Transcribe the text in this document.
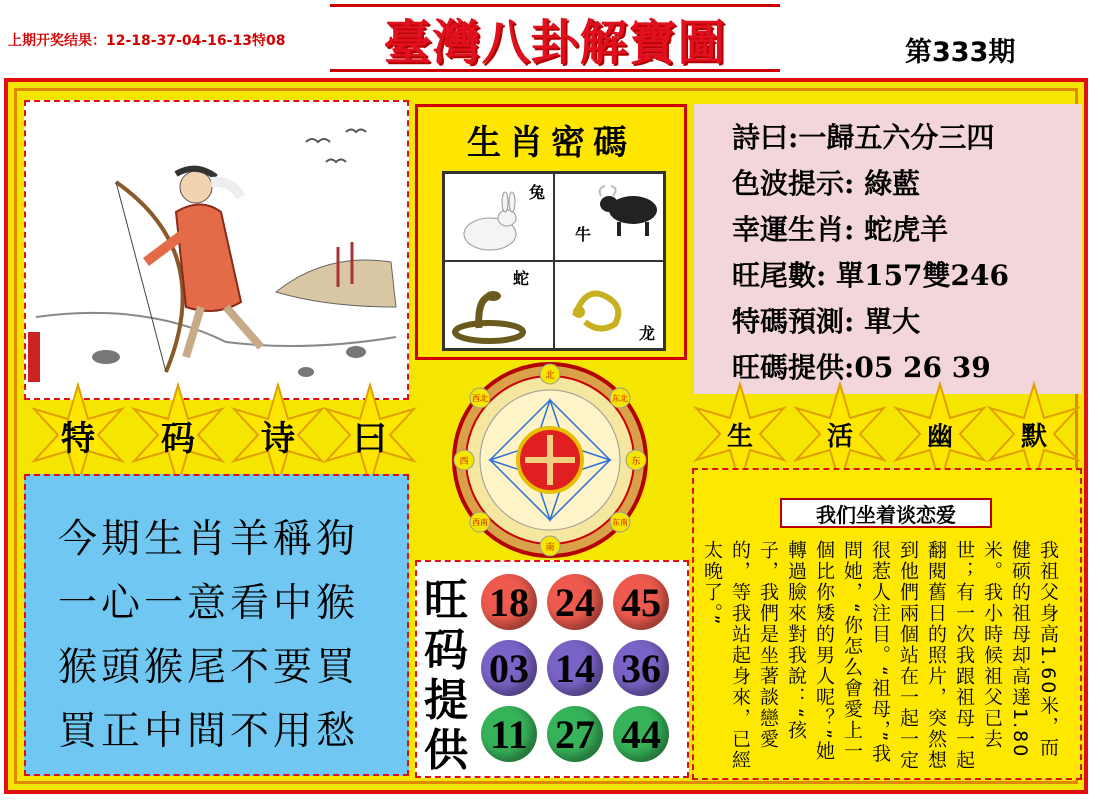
上期开奖结果：12-18-37-04-16-13特08	臺灣八卦解寶圖	第333期
生肖密碼
兔
牛
蛇
龙
詩曰:一歸五六分三四
色波提示: 綠藍
幸運生肖: 蛇虎羊
旺尾數: 單157雙246
特碼預測: 單大
旺碼提供:05 26 39
特	码	诗	曰	生	活	幽	默
北
东
南
西
西北	东北
东南
西南
今期生肖羊稱狗
一心一意看中猴
猴頭猴尾不要買
買正中間不用愁
旺
码
提
供
18 24 45
03 14 36
11 27 44
我们坐着谈恋爱
我祖父身高1.60米，而健硕的祖母却高達1.80米。我小時候祖父已去世；有一次我跟祖母一起翻閱舊日的照片，突然想到他們兩個站在一起一定很惹人注目。“祖母，”我問她，“你怎么會愛上一個比你矮的男人呢？”她轉過臉來對我說：“孩子，我們是坐著談戀愛的，等我站起身來，已經太晚了。”
